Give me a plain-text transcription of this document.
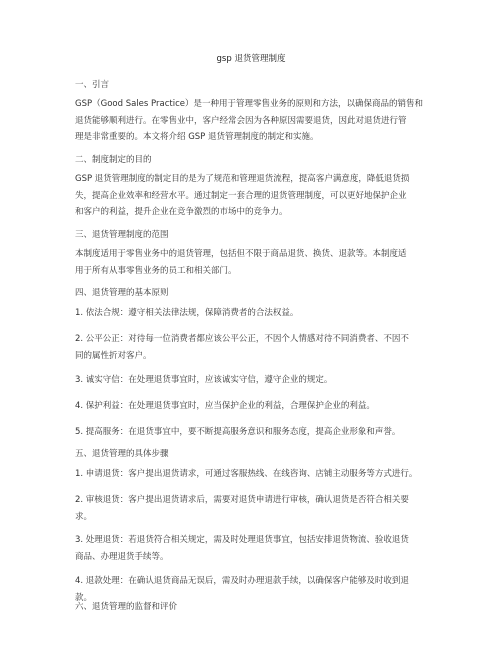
gsp 退货管理制度
一、引言
GSP（Good Sales Practice）是一种用于管理零售业务的原则和方法，以确保商品的销售和
退货能够顺利进行。在零售业中，客户经常会因为各种原因需要退货，因此对退货进行管
理是非常重要的。本文将介绍 GSP 退货管理制度的制定和实施。
二、制度制定的目的
GSP 退货管理制度的制定目的是为了规范和管理退货流程，提高客户满意度，降低退货损
失，提高企业效率和经营水平。通过制定一套合理的退货管理制度，可以更好地保护企业
和客户的利益，提升企业在竞争激烈的市场中的竞争力。
三、退货管理制度的范围
本制度适用于零售业务中的退货管理，包括但不限于商品退货、换货、退款等。本制度适
用于所有从事零售业务的员工和相关部门。
四、退货管理的基本原则
1. 依法合规：遵守相关法律法规，保障消费者的合法权益。
2. 公平公正：对待每一位消费者都应该公平公正，不因个人情感对待不同消费者、不因不
同的属性折对客户。
3. 诚实守信：在处理退货事宜时，应该诚实守信，遵守企业的规定。
4. 保护利益：在处理退货事宜时，应当保护企业的利益，合理保护企业的利益。
5. 提高服务：在退货事宜中，要不断提高服务意识和服务态度，提高企业形象和声誉。
五、退货管理的具体步骤
1. 申请退货：客户提出退货请求，可通过客服热线、在线咨询、店铺主动服务等方式进行。
2. 审核退货：客户提出退货请求后，需要对退货申请进行审核，确认退货是否符合相关要
求。
3. 处理退货：若退货符合相关规定，需及时处理退货事宜，包括安排退货物流、验收退货
商品、办理退货手续等。
4. 退款处理：在确认退货商品无误后，需及时办理退款手续，以确保客户能够及时收到退
款。
六、退货管理的监督和评价
